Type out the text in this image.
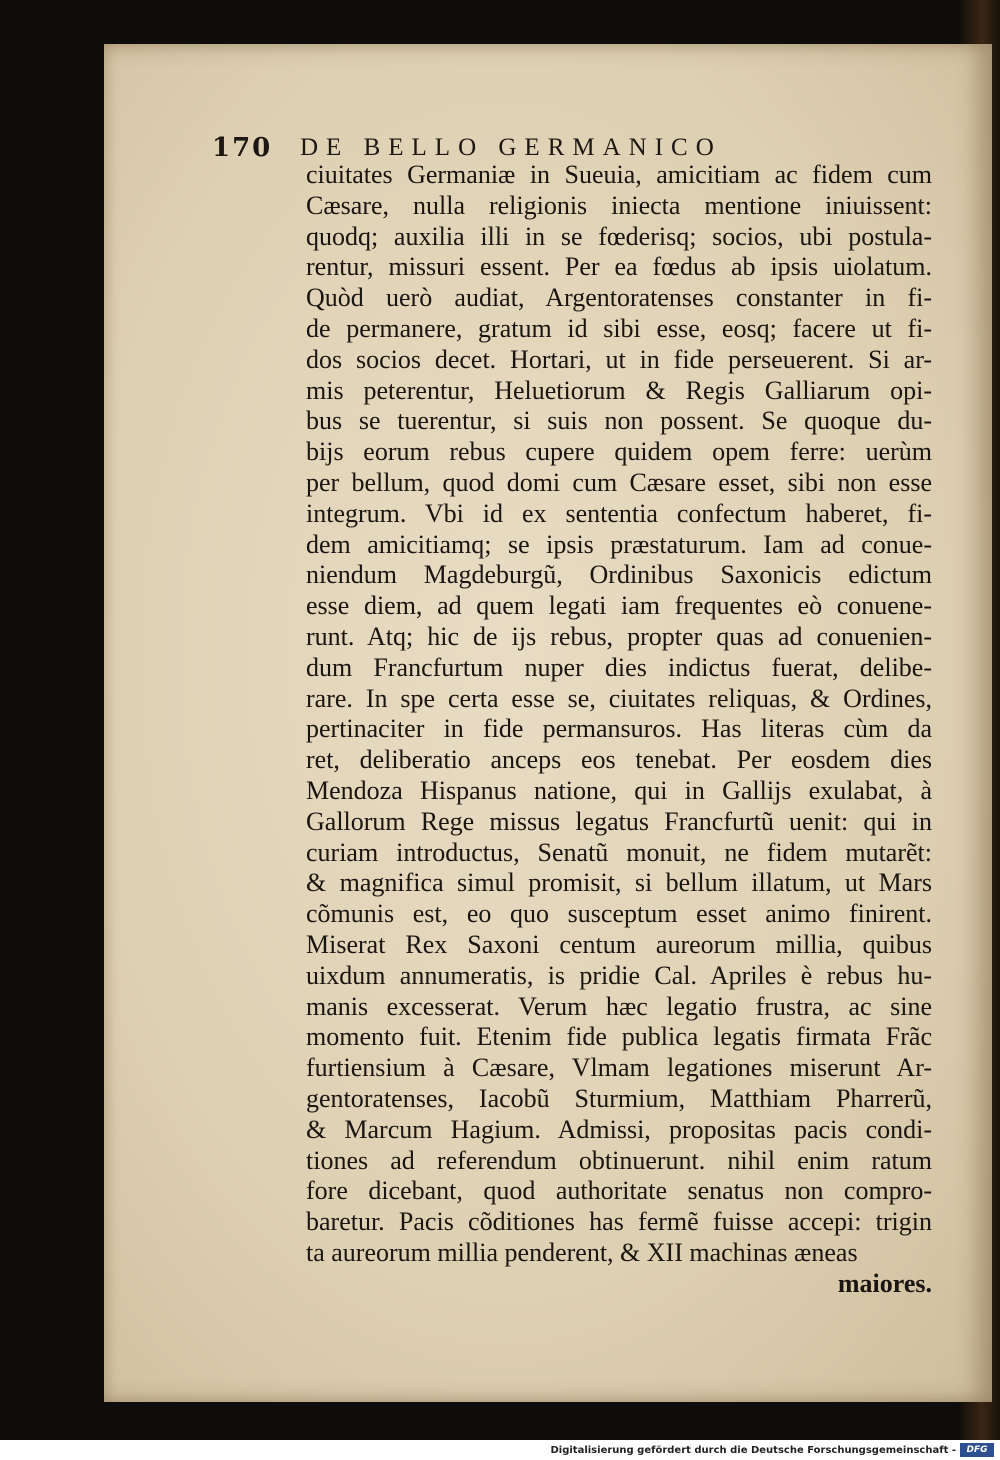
170	DE BELLO GERMANICO
ciuitates Germaniæ in Sueuia, amicitiam ac fidem cum
Cæsare, nulla religionis iniecta mentione iniuissent:
quodq; auxilia illi in se fœderisq; socios, ubi postula-
rentur, missuri essent. Per ea fœdus ab ipsis uiolatum.
Quòd uerò audiat, Argentoratenses constanter in fi-
de permanere, gratum id sibi esse, eosq; facere ut fi-
dos socios decet. Hortari, ut in fide perseuerent. Si ar-
mis peterentur, Heluetiorum & Regis Galliarum opi-
bus se tuerentur, si suis non possent. Se quoque du-
bijs eorum rebus cupere quidem opem ferre: uerùm
per bellum, quod domi cum Cæsare esset, sibi non esse
integrum. Vbi id ex sententia confectum haberet, fi-
dem amicitiamq; se ipsis præstaturum. Iam ad conue-
niendum Magdeburgũ, Ordinibus Saxonicis edictum
esse diem, ad quem legati iam frequentes eò conuene-
runt. Atq; hic de ijs rebus, propter quas ad conuenien-
dum Francfurtum nuper dies indictus fuerat, delibe-
rare. In spe certa esse se, ciuitates reliquas, & Ordines,
pertinaciter in fide permansuros. Has literas cùm da
ret, deliberatio anceps eos tenebat. Per eosdem dies
Mendoza Hispanus natione, qui in Gallijs exulabat, à
Gallorum Rege missus legatus Francfurtũ uenit: qui in
curiam introductus, Senatũ monuit, ne fidem mutarẽt:
& magnifica simul promisit, si bellum illatum, ut Mars
cõmunis est, eo quo susceptum esset animo finirent.
Miserat Rex Saxoni centum aureorum millia, quibus
uixdum annumeratis, is pridie Cal. Apriles è rebus hu-
manis excesserat. Verum hæc legatio frustra, ac sine
momento fuit. Etenim fide publica legatis firmata Frãc
furtiensium à Cæsare, Vlmam legationes miserunt Ar-
gentoratenses, Iacobũ Sturmium, Matthiam Pharrerũ,
& Marcum Hagium. Admissi, propositas pacis condi-
tiones ad referendum obtinuerunt. nihil enim ratum
fore dicebant, quod authoritate senatus non compro-
baretur. Pacis cõditiones has fermẽ fuisse accepi: trigin
ta aureorum millia penderent, & XII machinas æneas
maiores.
Digitalisierung gefördert durch die Deutsche Forschungsgemeinschaft -	DFG
